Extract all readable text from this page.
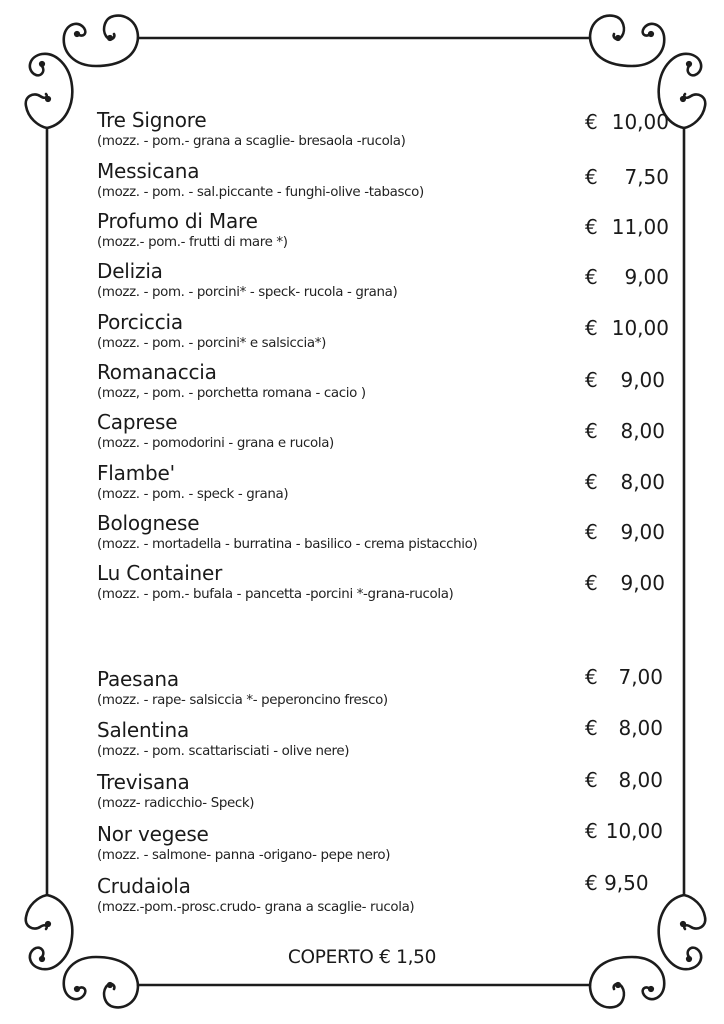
Tre Signore
(mozz. - pom.- grana a scaglie- bresaola -rucola)
€ 10,00
Messicana
(mozz. - pom. - sal.piccante - funghi-olive -tabasco)
€ 7,50
Profumo di Mare
(mozz.- pom.- frutti di mare *)
€ 11,00
Delizia
(mozz. - pom. - porcini* - speck- rucola - grana)
€ 9,00
Porciccia
(mozz. - pom. - porcini* e salsiccia*)
€ 10,00
Romanaccia
(mozz, - pom. - porchetta romana - cacio )
€ 9,00
Caprese
(mozz. - pomodorini - grana e rucola)
€ 8,00
Flambe'
(mozz. - pom. - speck - grana)
€ 8,00
Bolognese
(mozz. - mortadella - burratina - basilico - crema pistacchio)
€ 9,00
Lu Container
(mozz. - pom.- bufala - pancetta -porcini *-grana-rucola)	€ 9,00
Paesana
(mozz. - rape- salsiccia *- peperoncino fresco)
€ 7,00
Salentina
(mozz. - pom. scattarisciati - olive nere)
€ 8,00
Trevisana
(mozz- radicchio- Speck)
€ 8,00
Nor vegese
(mozz. - salmone- panna -origano- pepe nero)
€ 10,00
Crudaiola
(mozz.-pom.-prosc.crudo- grana a scaglie- rucola)
€ 9,50
COPERTO € 1,50
